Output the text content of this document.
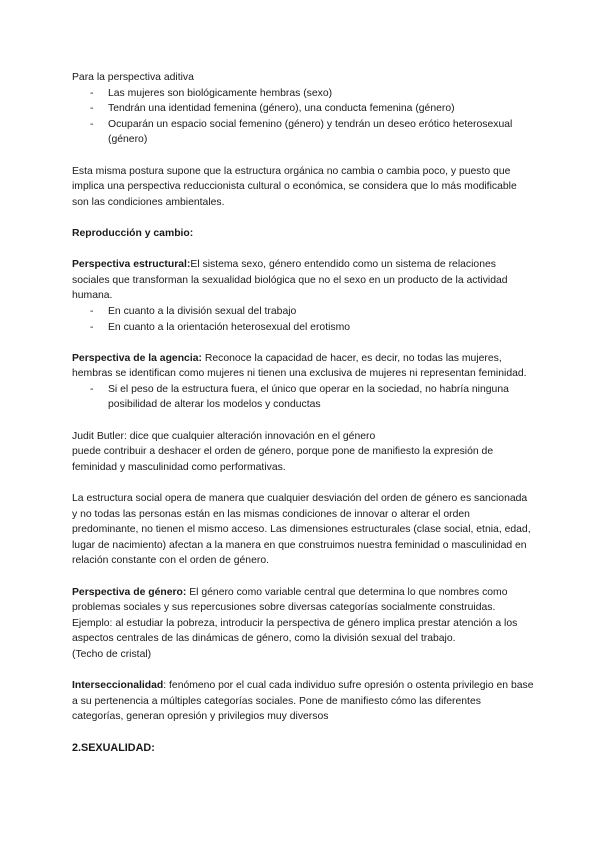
Para la perspectiva aditiva

- Las mujeres son biológicamente hembras (sexo)
- Tendrán una identidad femenina (género), una conducta femenina (género)
- Ocuparán un espacio social femenino (género) y tendrán un deseo erótico heterosexual (género)

Esta misma postura supone que la estructura orgánica no cambia o cambia poco, y puesto que implica una perspectiva reduccionista cultural o económica, se considera que lo más modificable son las condiciones ambientales.

Reproducción y cambio:

Perspectiva estructural:El sistema sexo, género entendido como un sistema de relaciones sociales que transforman la sexualidad biológica que no el sexo en un producto de la actividad humana.

- En cuanto a la división sexual del trabajo
- En cuanto a la orientación heterosexual del erotismo

Perspectiva de la agencia: Reconoce la capacidad de hacer, es decir, no todas las mujeres, hembras se identifican como mujeres ni tienen una exclusiva de mujeres ni representan feminidad.

- Si el peso de la estructura fuera, el único que operar en la sociedad, no habría ninguna posibilidad de alterar los modelos y conductas

Judit Butler: dice que cualquier alteración innovación en el género

puede contribuir a deshacer el orden de género, porque pone de manifiesto la expresión de feminidad y masculinidad como performativas.

La estructura social opera de manera que cualquier desviación del orden de género es sancionada y no todas las personas están en las mismas condiciones de innovar o alterar el orden predominante, no tienen el mismo acceso. Las dimensiones estructurales (clase social, etnia, edad, lugar de nacimiento) afectan a la manera en que construimos nuestra feminidad o masculinidad en relación constante con el orden de género.

Perspectiva de género: El género como variable central que determina lo que nombres como problemas sociales y sus repercusiones sobre diversas categorías socialmente construidas.

Ejemplo: al estudiar la pobreza, introducir la perspectiva de género implica prestar atención a los aspectos centrales de las dinámicas de género, como la división sexual del trabajo.

(Techo de cristal)

Interseccionalidad: fenómeno por el cual cada individuo sufre opresión o ostenta privilegio en base a su pertenencia a múltiples categorías sociales. Pone de manifiesto cómo las diferentes categorías, generan opresión y privilegios muy diversos

2.SEXUALIDAD:
